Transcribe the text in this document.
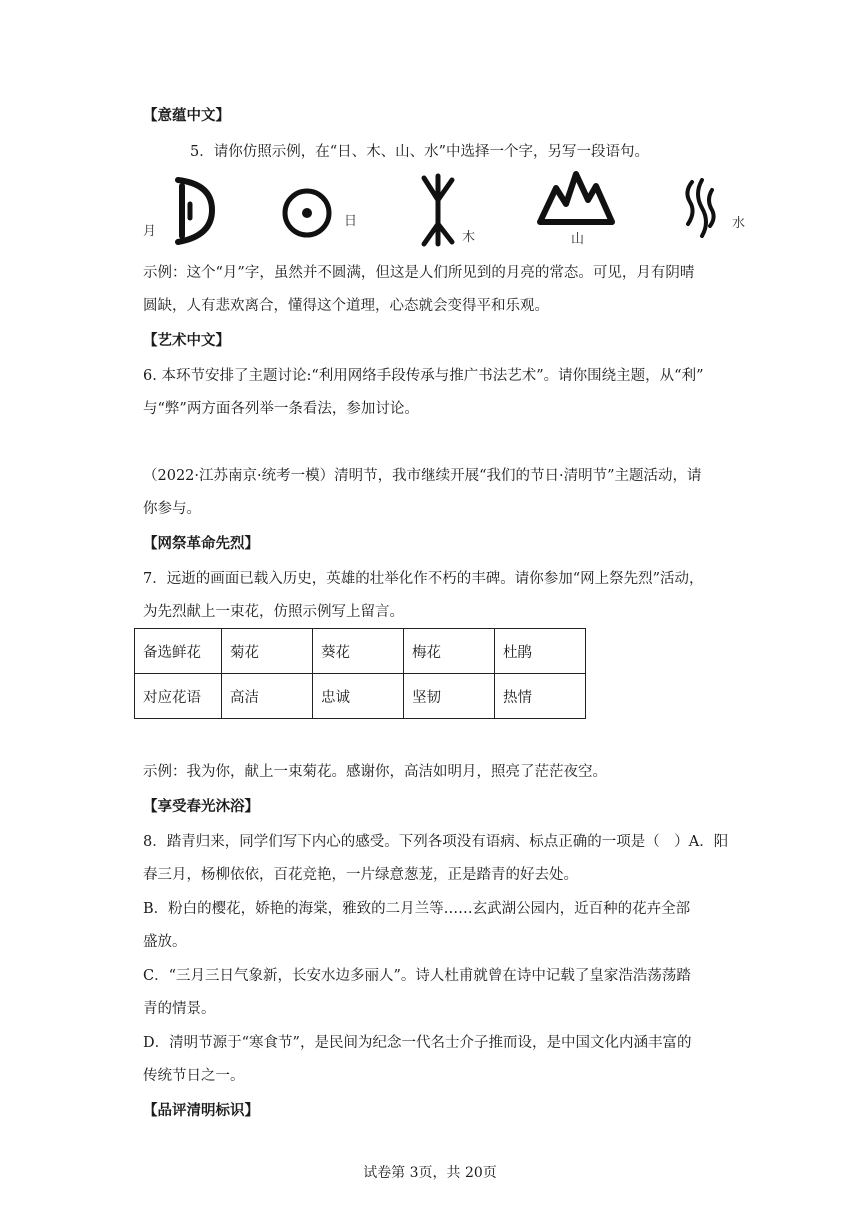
【意蕴中文】
5．请你仿照示例，在“日、木、山、水”中选择一个字，另写一段语句。
月
日
木	山
水
示例：这个“月”字，虽然并不圆满，但这是人们所见到的月亮的常态。可见，月有阴晴
圆缺，人有悲欢离合，懂得这个道理，心态就会变得平和乐观。
【艺术中文】
6. 本环节安排了主题讨论:“利用网络手段传承与推广书法艺术”。请你围绕主题，从“利”
与“弊”两方面各列举一条看法，参加讨论。
（2022·江苏南京·统考一模）清明节，我市继续开展“我们的节日·清明节”主题活动，请
你参与。
【网祭革命先烈】
7．远逝的画面已载入历史，英雄的壮举化作不朽的丰碑。请你参加“网上祭先烈”活动，
为先烈献上一束花，仿照示例写上留言。
备选鲜花	菊花	葵花	梅花	杜鹃
对应花语	高洁	忠诚	坚韧	热情
示例：我为你，献上一束菊花。感谢你，高洁如明月，照亮了茫茫夜空。
【享受春光沐浴】
8．踏青归来，同学们写下内心的感受。下列各项没有语病、标点正确的一项是（　）A．阳
春三月，杨柳依依，百花竞艳，一片绿意葱茏，正是踏青的好去处。
B．粉白的樱花，娇艳的海棠，雅致的二月兰等……玄武湖公园内，近百种的花卉全部
盛放。
C．“三月三日气象新，长安水边多丽人”。诗人杜甫就曾在诗中记载了皇家浩浩荡荡踏
青的情景。
D．清明节源于“寒食节”，是民间为纪念一代名士介子推而设，是中国文化内涵丰富的
传统节日之一。
【品评清明标识】
试卷第 3页，共 20页
